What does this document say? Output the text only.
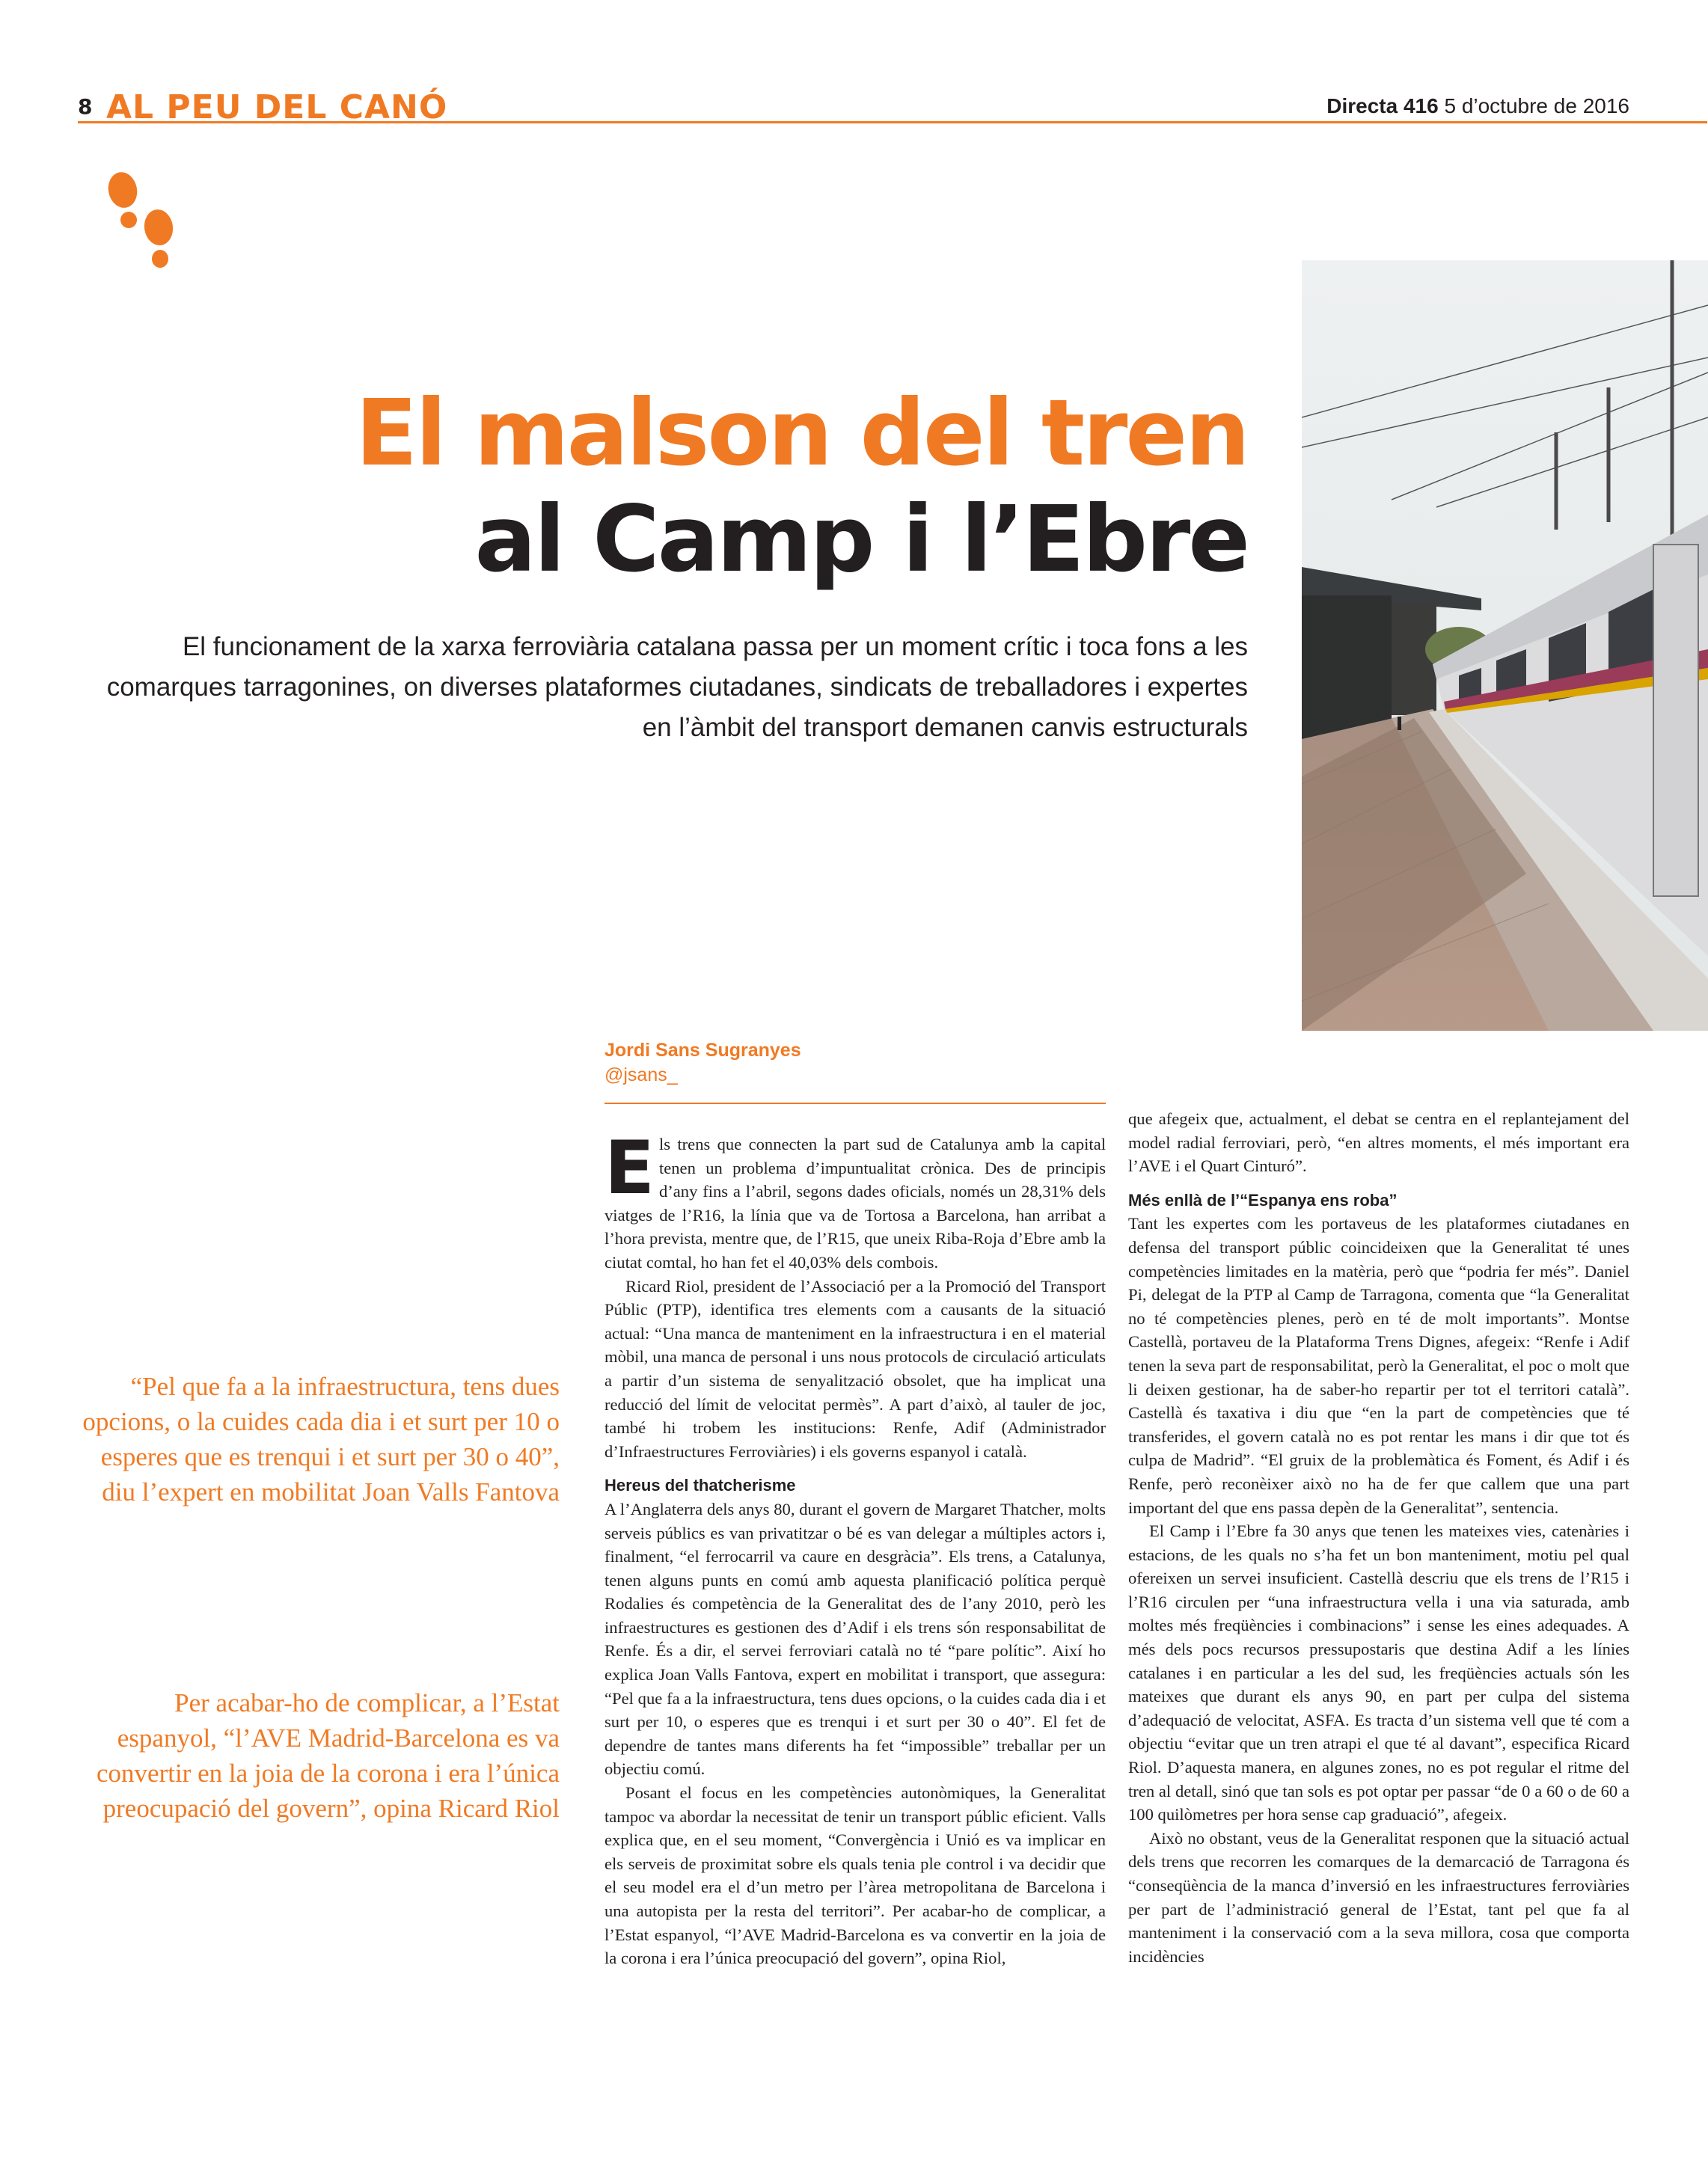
8 AL PEU DEL CANÓ	Directa 416 5 d’octubre de 2016
El malson del tren
al Camp i l’Ebre
El funcionament de la xarxa ferroviària catalana passa per un moment crític i toca fons a les comarques tarragonines, on diverses plataformes ciutadanes, sindicats de treballadores i expertes en l’àmbit del transport demanen canvis estructurals
Jordi Sans Sugranyes
@jsans_
“Pel que fa a la infraestructura, tens dues opcions, o la cuides cada dia i et surt per 10 o esperes que es trenqui i et surt per 30 o 40”, diu l’expert en mobilitat Joan Valls Fantova
Per acabar-ho de complicar, a l’Estat espanyol, “l’AVE Madrid-Barcelona es va convertir en la joia de la corona i era l’única preocupació del govern”, opina Ricard Riol

Els trens que connecten la part sud de Catalunya amb la capital tenen un problema d’impuntualitat crònica. Des de principis d’any fins a l’abril, segons dades oficials, només un 28,31% dels viatges de l’R16, la línia que va de Tortosa a Barcelona, han arribat a l’hora prevista, mentre que, de l’R15, que uneix Riba-Roja d’Ebre amb la ciutat comtal, ho han fet el 40,03% dels combois.

Ricard Riol, president de l’Associació per a la Promoció del Transport Públic (PTP), identifica tres elements com a causants de la situació actual: “Una manca de manteniment en la infraestructura i en el material mòbil, una manca de personal i uns nous protocols de circulació articulats a partir d’un sistema de senyalització obsolet, que ha implicat una reducció del límit de velocitat permès”. A part d’això, al tauler de joc, també hi trobem les institucions: Renfe, Adif (Administrador d’Infraestructures Ferroviàries) i els governs espanyol i català.

Hereus del thatcherisme

A l’Anglaterra dels anys 80, durant el govern de Margaret Thatcher, molts serveis públics es van privatitzar o bé es van delegar a múltiples actors i, finalment, “el ferrocarril va caure en desgràcia”. Els trens, a Catalunya, tenen alguns punts en comú amb aquesta planificació política perquè Rodalies és competència de la Generalitat des de l’any 2010, però les infraestructures es gestionen des d’Adif i els trens són responsabilitat de Renfe. És a dir, el servei ferroviari català no té “pare polític”. Així ho explica Joan Valls Fantova, expert en mobilitat i transport, que assegura: “Pel que fa a la infraestructura, tens dues opcions, o la cuides cada dia i et surt per 10, o esperes que es trenqui i et surt per 30 o 40”. El fet de dependre de tantes mans diferents ha fet “impossible” treballar per un objectiu comú.

Posant el focus en les competències autonòmiques, la Generalitat tampoc va abordar la necessitat de tenir un transport públic eficient. Valls explica que, en el seu moment, “Convergència i Unió es va implicar en els serveis de proximitat sobre els quals tenia ple control i va decidir que el seu model era el d’un metro per l’àrea metropolitana de Barcelona i una autopista per la resta del territori”. Per acabar-ho de complicar, a l’Estat espanyol, “l’AVE Madrid-Barcelona es va convertir en la joia de la corona i era l’única preocupació del govern”, opina Riol,

que afegeix que, actualment, el debat se centra en el replantejament del model radial ferroviari, però, “en altres moments, el més important era l’AVE i el Quart Cinturó”.

Més enllà de l’“Espanya ens roba”

Tant les expertes com les portaveus de les plataformes ciutadanes en defensa del transport públic coincideixen que la Generalitat té unes competències limitades en la matèria, però que “podria fer més”. Daniel Pi, delegat de la PTP al Camp de Tarragona, comenta que “la Generalitat no té competències plenes, però en té de molt importants”. Montse Castellà, portaveu de la Plataforma Trens Dignes, afegeix: “Renfe i Adif tenen la seva part de responsabilitat, però la Generalitat, el poc o molt que li deixen gestionar, ha de saber-ho repartir per tot el territori català”. Castellà és taxativa i diu que “en la part de competències que té transferides, el govern català no es pot rentar les mans i dir que tot és culpa de Madrid”. “El gruix de la problemàtica és Foment, és Adif i és Renfe, però reconèixer això no ha de fer que callem que una part important del que ens passa depèn de la Generalitat”, sentencia.

El Camp i l’Ebre fa 30 anys que tenen les mateixes vies, catenàries i estacions, de les quals no s’ha fet un bon manteniment, motiu pel qual ofereixen un servei insuficient. Castellà descriu que els trens de l’R15 i l’R16 circulen per “una infraestructura vella i una via saturada, amb moltes més freqüències i combinacions” i sense les eines adequades. A més dels pocs recursos pressupostaris que destina Adif a les línies catalanes i en particular a les del sud, les freqüències actuals són les mateixes que durant els anys 90, en part per culpa del sistema d’adequació de velocitat, ASFA. Es tracta d’un sistema vell que té com a objectiu “evitar que un tren atrapi el que té al davant”, especifica Ricard Riol. D’aquesta manera, en algunes zones, no es pot regular el ritme del tren al detall, sinó que tan sols es pot optar per passar “de 0 a 60 o de 60 a 100 quilòmetres per hora sense cap graduació”, afegeix.

Això no obstant, veus de la Generalitat responen que la situació actual dels trens que recorren les comarques de la demarcació de Tarragona és “conseqüència de la manca d’inversió en les infraestructures ferroviàries per part de l’administració general de l’Estat, tant pel que fa al manteniment i la conservació com a la seva millora, cosa que comporta incidències
